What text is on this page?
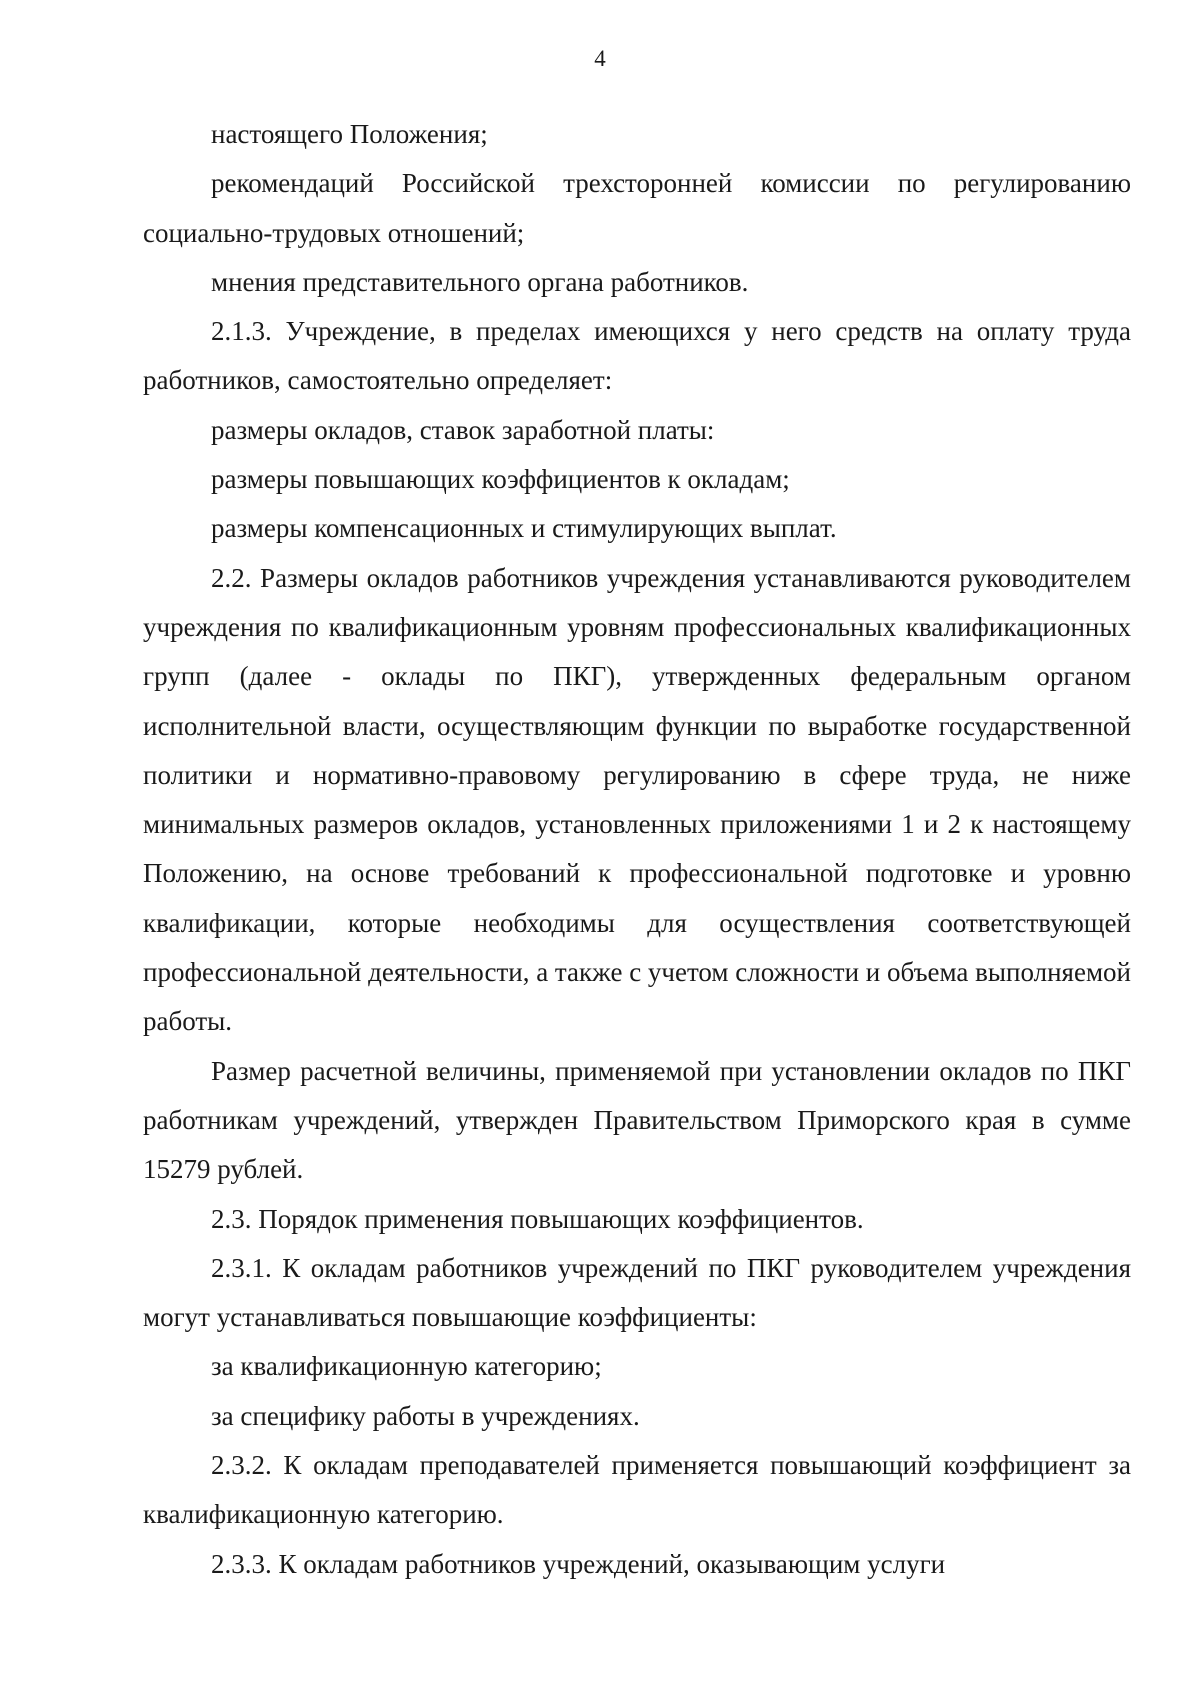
4

настоящего Положения;

рекомендаций Российской трехсторонней комиссии по регулированию социально-трудовых отношений;

мнения представительного органа работников.

2.1.3. Учреждение, в пределах имеющихся у него средств на оплату труда работников, самостоятельно определяет:

размеры окладов, ставок заработной платы:

размеры повышающих коэффициентов к окладам;

размеры компенсационных и стимулирующих выплат.

2.2. Размеры окладов работников учреждения устанавливаются руководителем учреждения по квалификационным уровням профессиональных квалификационных групп (далее - оклады по ПКГ), утвержденных федеральным органом исполнительной власти, осуществляющим функции по выработке государственной политики и нормативно-правовому регулированию в сфере труда, не ниже минимальных размеров окладов, установленных приложениями 1 и 2 к настоящему Положению, на основе требований к профессиональной подготовке и уровню квалификации, которые необходимы для осуществления соответствующей профессиональной деятельности, а также с учетом сложности и объема выполняемой работы.

Размер расчетной величины, применяемой при установлении окладов по ПКГ работникам учреждений, утвержден Правительством Приморского края в сумме 15279 рублей.

2.3. Порядок применения повышающих коэффициентов.

2.3.1. К окладам работников учреждений по ПКГ руководителем учреждения могут устанавливаться повышающие коэффициенты:

за квалификационную категорию;

за специфику работы в учреждениях.

2.3.2. К окладам преподавателей применяется повышающий коэффициент за квалификационную категорию.

2.3.3. К окладам работников учреждений, оказывающим услуги
